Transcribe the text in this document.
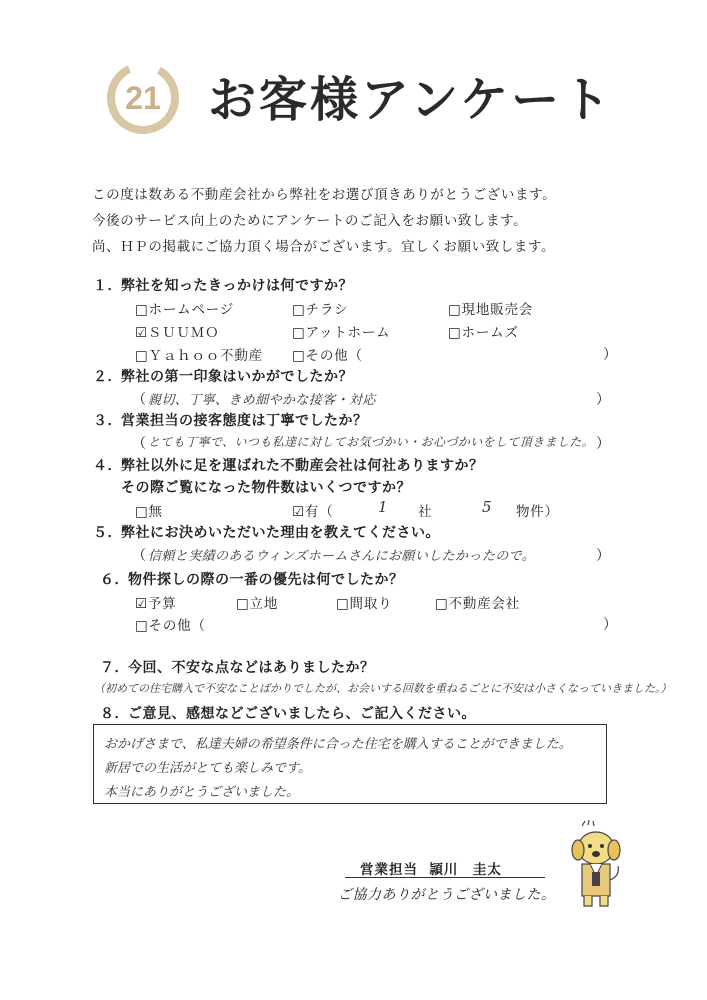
21 お客様アンケート
この度は数ある不動産会社から弊社をお選び頂きありがとうございます。
今後のサービス向上のためにアンケートのご記入をお願い致します。
尚、ＨＰの掲載にご協力頂く場合がございます。宜しくお願い致します。
１．弊社を知ったきっかけは何ですか？
□ホームページ	□チラシ	□現地販売会
☑ＳＵＵＭＯ	□アットホーム	□ホームズ
□Ｙａｈｏｏ不動産 □その他（	）
２．弊社の第一印象はいかがでしたか？
（ 親切、丁寧、きめ細やかな接客・対応	）
３．営業担当の接客態度は丁寧でしたか？
（ とても丁寧で、いつも私達に対してお気づかい・お心づかいをして頂きました。 ）
４．弊社以外に足を運ばれた不動産会社は何社ありますか？
その際ご覧になった物件数はいくつですか？
□無	☑有（	1 社	5 物件）
５．弊社にお決めいただいた理由を教えてください。
（ 信頼と実績のあるウィンズホームさんにお願いしたかったので。	）
６．物件探しの際の一番の優先は何でしたか？
☑予算	□立地	□間取り	□不動産会社
□その他（	）
７．今回、不安な点などはありましたか？
（初めての住宅購入で不安なことばかりでしたが、お会いする回数を重ねるごとに不安は小さくなっていきました。）
８．ご意見、感想などございましたら、ご記入ください。
おかげさまで、私達夫婦の希望条件に合った住宅を購入することができました。
新居での生活がとても楽しみです。
本当にありがとうございました。
営業担当 頴川　圭太
ご協力ありがとうございました。
